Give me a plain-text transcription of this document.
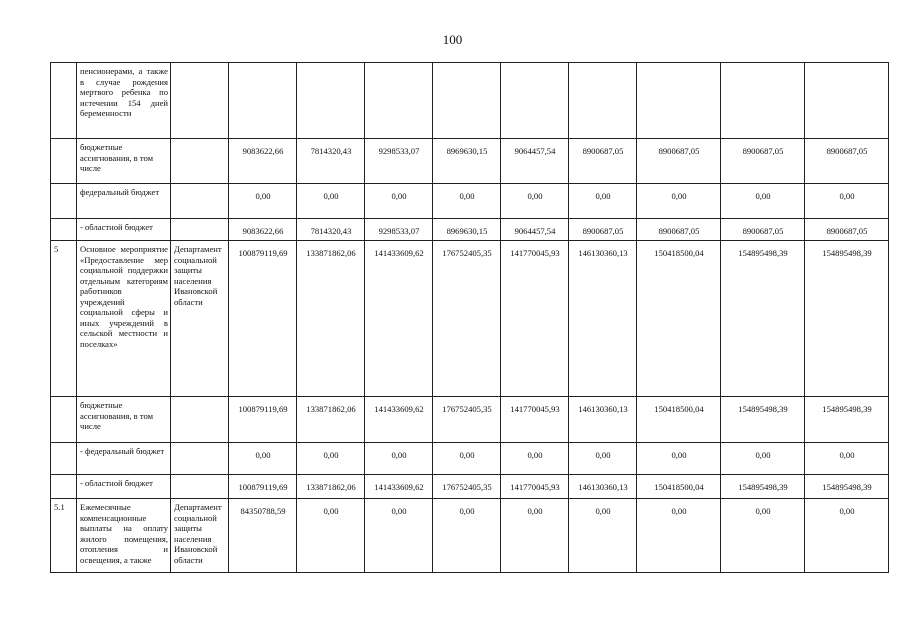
100
	пенсионерами, а также в случае рождения мертвого ребенка по истечении 154 дней беременности										
	бюджетные ассигнования, в том числе		9083622,66	7814320,43	9298533,07	8969630,15	9064457,54	8900687,05	8900687,05	8900687,05	8900687,05
	федеральный бюджет		0,00	0,00	0,00	0,00	0,00	0,00	0,00	0,00	0,00
	- областной бюджет		9083622,66	7814320,43	9298533,07	8969630,15	9064457,54	8900687,05	8900687,05	8900687,05	8900687,05
5	Основное мероприятие «Предоставление мер социальной поддержки отдельным категориям работников учреждений социальной сферы и иных учреждений в сельской местности и поселках»	Департамент социальной защиты населения Ивановской области	100879119,69	133871862,06	141433609,62	176752405,35	141770045,93	146130360,13	150418500,04	154895498,39	154895498,39
	бюджетные ассигнования, в том числе		100879119,69	133871862,06	141433609,62	176752405,35	141770045,93	146130360,13	150418500,04	154895498,39	154895498,39
	- федеральный бюджет		0,00	0,00	0,00	0,00	0,00	0,00	0,00	0,00	0,00
	- областной бюджет		100879119,69	133871862,06	141433609,62	176752405,35	141770045,93	146130360,13	150418500,04	154895498,39	154895498,39
5.1	Ежемесячные компенсационные выплаты на оплату жилого помещения, отопления и освещения, а также	Департамент социальной защиты населения Ивановской области	84350788,59	0,00	0,00	0,00	0,00	0,00	0,00	0,00	0,00
